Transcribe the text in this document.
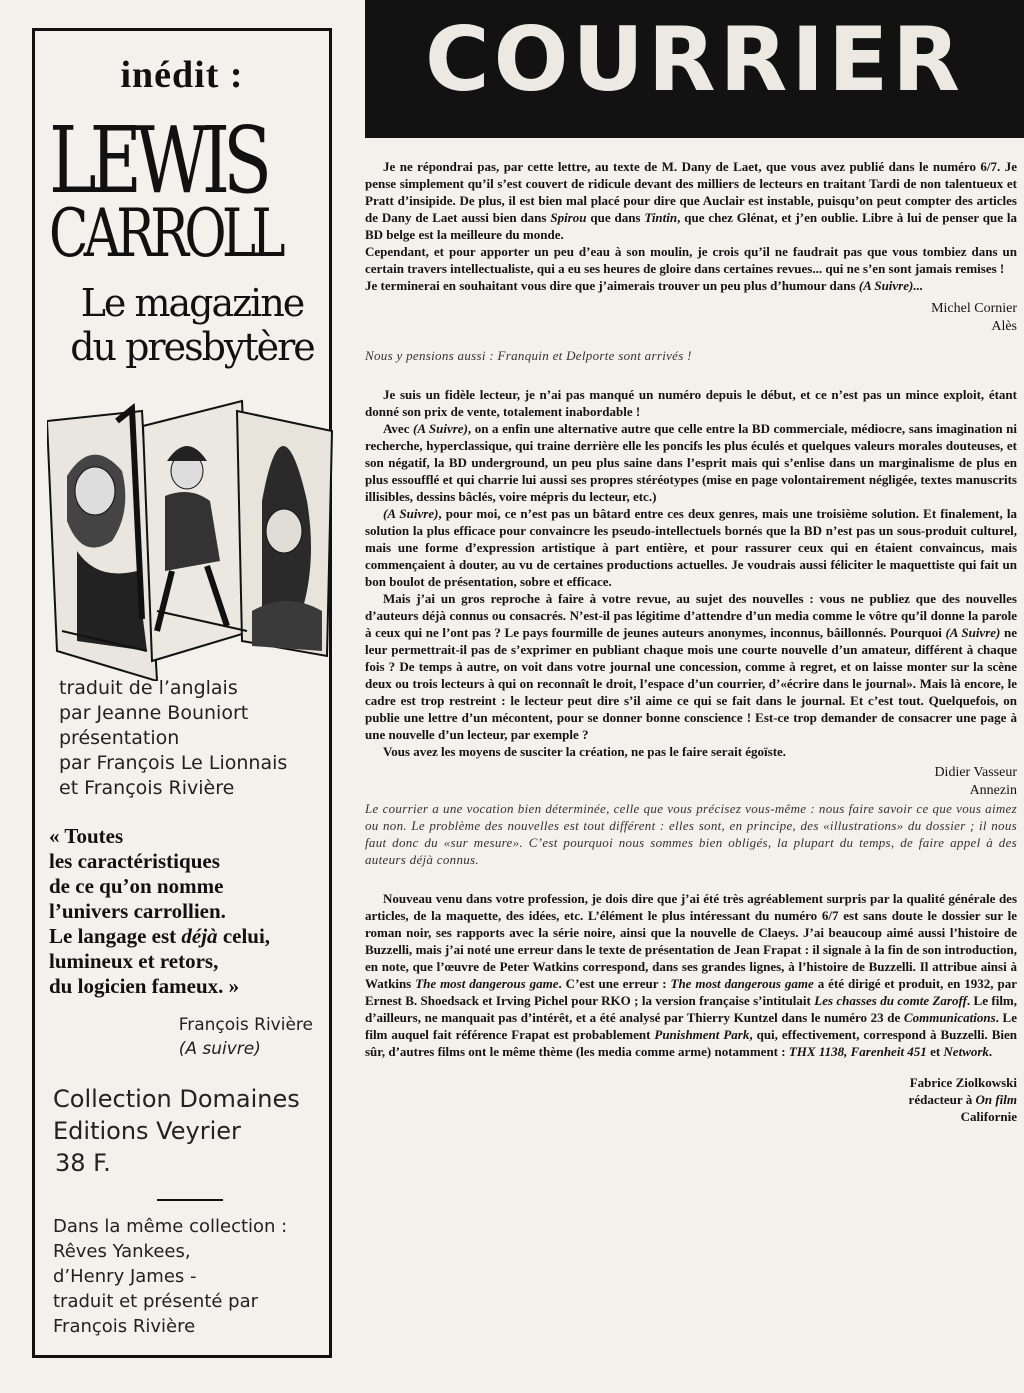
inédit :
LEWIS
CARROLL
Le magazine
du presbytère
traduit de l’anglais
par Jeanne Bouniort
présentation
par François Le Lionnais
et François Rivière
« Toutes
les caractéristiques
de ce qu’on nomme
l’univers carrollien.
Le langage est déjà celui,
lumineux et retors,
du logicien fameux. »
François Rivière
(A suivre)
Collection Domaines
Editions Veyrier
38 F.
Dans la même collection :
Rêves Yankees,
d’Henry James -
traduit et présenté par
François Rivière
COURRIER

Je ne répondrai pas, par cette lettre, au texte de M. Dany de Laet, que vous avez publié dans le numéro 6/7. Je pense simplement qu’il s’est couvert de ridicule devant des milliers de lecteurs en traitant Tardi de non talentueux et Pratt d’insipide. De plus, il est bien mal placé pour dire que Auclair est instable, puisqu’on peut compter des articles de Dany de Laet aussi bien dans Spirou que dans Tintin, que chez Glénat, et j’en oublie. Libre à lui de penser que la BD belge est la meilleure du monde.

Cependant, et pour apporter un peu d’eau à son moulin, je crois qu’il ne faudrait pas que vous tombiez dans un certain travers intellectualiste, qui a eu ses heures de gloire dans certaines revues... qui ne s’en sont jamais remises !

Je terminerai en souhaitant vous dire que j’aimerais trouver un peu plus d’humour dans (A Suivre)...

Michel Cornier
Alès

Nous y pensions aussi : Franquin et Delporte sont arrivés !

Je suis un fidèle lecteur, je n’ai pas manqué un numéro depuis le début, et ce n’est pas un mince exploit, étant donné son prix de vente, totalement inabordable !

Avec (A Suivre), on a enfin une alternative autre que celle entre la BD commerciale, médiocre, sans imagination ni recherche, hyperclassique, qui traine derrière elle les poncifs les plus éculés et quelques valeurs morales douteuses, et son négatif, la BD underground, un peu plus saine dans l’esprit mais qui s’enlise dans un marginalisme de plus en plus essoufflé et qui charrie lui aussi ses propres stéréotypes (mise en page volontairement négligée, textes manuscrits illisibles, dessins bâclés, voire mépris du lecteur, etc.)

(A Suivre), pour moi, ce n’est pas un bâtard entre ces deux genres, mais une troisième solution. Et finalement, la solution la plus efficace pour convaincre les pseudo-intellectuels bornés que la BD n’est pas un sous-produit culturel, mais une forme d’expression artistique à part entière, et pour rassurer ceux qui en étaient convaincus, mais commençaient à douter, au vu de certaines productions actuelles. Je voudrais aussi féliciter le maquettiste qui fait un bon boulot de présentation, sobre et efficace.

Mais j’ai un gros reproche à faire à votre revue, au sujet des nouvelles : vous ne publiez que des nouvelles d’auteurs déjà connus ou consacrés. N’est-il pas légitime d’attendre d’un media comme le vôtre qu’il donne la parole à ceux qui ne l’ont pas ? Le pays fourmille de jeunes auteurs anonymes, inconnus, bâillonnés. Pourquoi (A Suivre) ne leur permettrait-il pas de s’exprimer en publiant chaque mois une courte nouvelle d’un amateur, différent à chaque fois ? De temps à autre, on voit dans votre journal une concession, comme à regret, et on laisse monter sur la scène deux ou trois lecteurs à qui on reconnaît le droit, l’espace d’un courrier, d’«écrire dans le journal». Mais là encore, le cadre est trop restreint : le lecteur peut dire s’il aime ce qui se fait dans le journal. Et c’est tout. Quelquefois, on publie une lettre d’un mécontent, pour se donner bonne conscience ! Est-ce trop demander de consacrer une page à une nouvelle d’un lecteur, par exemple ?

Vous avez les moyens de susciter la création, ne pas le faire serait égoïste.

Didier Vasseur
Annezin

Le courrier a une vocation bien déterminée, celle que vous précisez vous-même : nous faire savoir ce que vous aimez ou non. Le problème des nouvelles est tout différent : elles sont, en principe, des «illustrations» du dossier ; il nous faut donc du «sur mesure». C’est pourquoi nous sommes bien obligés, la plupart du temps, de faire appel à des auteurs déjà connus.

Nouveau venu dans votre profession, je dois dire que j’ai été très agréablement surpris par la qualité générale des articles, de la maquette, des idées, etc. L’élément le plus intéressant du numéro 6/7 est sans doute le dossier sur le roman noir, ses rapports avec la série noire, ainsi que la nouvelle de Claeys. J’ai beaucoup aimé aussi l’histoire de Buzzelli, mais j’ai noté une erreur dans le texte de présentation de Jean Frapat : il signale à la fin de son introduction, en note, que l’œuvre de Peter Watkins correspond, dans ses grandes lignes, à l’histoire de Buzzelli. Il attribue ainsi à Watkins The most dangerous game. C’est une erreur : The most dangerous game a été dirigé et produit, en 1932, par Ernest B. Shoedsack et Irving Pichel pour RKO ; la version française s’intitulait Les chasses du comte Zaroff. Le film, d’ailleurs, ne manquait pas d’intérêt, et a été analysé par Thierry Kuntzel dans le numéro 23 de Communications. Le film auquel fait référence Frapat est probablement Punishment Park, qui, effectivement, correspond à Buzzelli. Bien sûr, d’autres films ont le même thème (les media comme arme) notamment : THX 1138, Farenheit 451 et Network.

Fabrice Ziolkowski
rédacteur à On film
Californie
